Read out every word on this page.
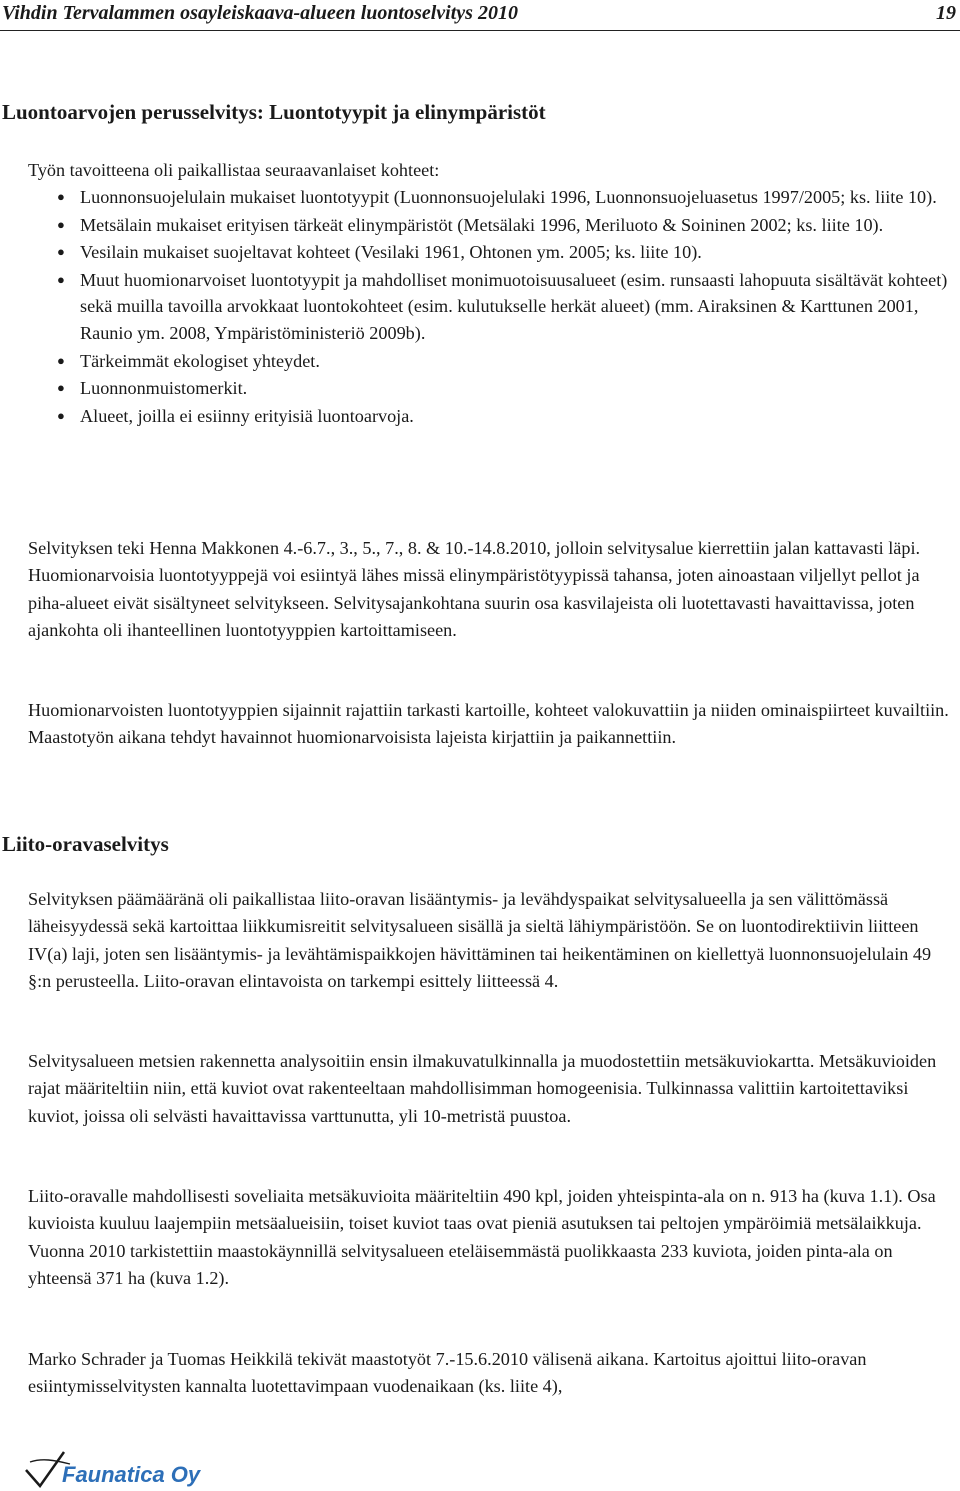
Vihdin Tervalammen osayleiskaava-alueen luontoselvitys 2010	19
Luontoarvojen perusselvitys: Luontotyypit ja elinympäristöt

Työn tavoitteena oli paikallistaa seuraavanlaiset kohteet:

● Luonnonsuojelulain mukaiset luontotyypit (Luonnonsuojelulaki 1996, Luonnonsuojeluasetus 1997/2005; ks. liite 10).
● Metsälain mukaiset erityisen tärkeät elinympäristöt (Metsälaki 1996, Meriluoto & Soininen 2002; ks. liite 10).
● Vesilain mukaiset suojeltavat kohteet (Vesilaki 1961, Ohtonen ym. 2005; ks. liite 10).
● Muut huomionarvoiset luontotyypit ja mahdolliset monimuotoisuusalueet (esim. runsaasti lahopuuta sisältävät kohteet) sekä muilla tavoilla arvokkaat luontokohteet (esim. kulutukselle herkät alueet) (mm. Airaksinen & Karttunen 2001, Raunio ym. 2008, Ympäristöministeriö 2009b).
● Tärkeimmät ekologiset yhteydet.
● Luonnonmuistomerkit.
● Alueet, joilla ei esiinny erityisiä luontoarvoja.

Selvityksen teki Henna Makkonen 4.-6.7., 3., 5., 7., 8. & 10.-14.8.2010, jolloin selvitysalue kierrettiin jalan kattavasti läpi. Huomionarvoisia luontotyyppejä voi esiintyä lähes missä elinympäristötyypissä tahansa, joten ainoastaan viljellyt pellot ja piha-alueet eivät sisältyneet selvitykseen. Selvitysajankohtana suurin osa kasvilajeista oli luotettavasti havaittavissa, joten ajankohta oli ihanteellinen luontotyyppien kartoittamiseen.

Huomionarvoisten luontotyyppien sijainnit rajattiin tarkasti kartoille, kohteet valokuvattiin ja niiden ominaispiirteet kuvailtiin. Maastotyön aikana tehdyt havainnot huomionarvoisista lajeista kirjattiin ja paikannettiin.

Liito-oravaselvitys

Selvityksen päämääränä oli paikallistaa liito-oravan lisääntymis- ja levähdyspaikat selvitysalueella ja sen välittömässä läheisyydessä sekä kartoittaa liikkumisreitit selvitysalueen sisällä ja sieltä lähiympäristöön. Se on luontodirektiivin liitteen IV(a) laji, joten sen lisääntymis- ja levähtämispaikkojen hävittäminen tai heikentäminen on kiellettyä luonnonsuojelulain 49 §:n perusteella. Liito-oravan elintavoista on tarkempi esittely liitteessä 4.

Selvitysalueen metsien rakennetta analysoitiin ensin ilmakuvatulkinnalla ja muodostettiin metsäkuviokartta. Metsäkuvioiden rajat määriteltiin niin, että kuviot ovat rakenteeltaan mahdollisimman homogeenisia. Tulkinnassa valittiin kartoitettaviksi kuviot, joissa oli selvästi havaittavissa varttunutta, yli 10-metristä puustoa.

Liito-oravalle mahdollisesti soveliaita metsäkuvioita määriteltiin 490 kpl, joiden yhteispinta-ala on n. 913 ha (kuva 1.1). Osa kuvioista kuuluu laajempiin metsäalueisiin, toiset kuviot taas ovat pieniä asutuksen tai peltojen ympäröimiä metsälaikkuja. Vuonna 2010 tarkistettiin maastokäynnillä selvitysalueen eteläisemmästä puolikkaasta 233 kuviota, joiden pinta-ala on yhteensä 371 ha (kuva 1.2).

Marko Schrader ja Tuomas Heikkilä tekivät maastotyöt 7.-15.6.2010 välisenä aikana. Kartoitus ajoittui liito-oravan esiintymisselvitysten kannalta luotettavimpaan vuodenaikaan (ks. liite 4),

Faunatica Oy
